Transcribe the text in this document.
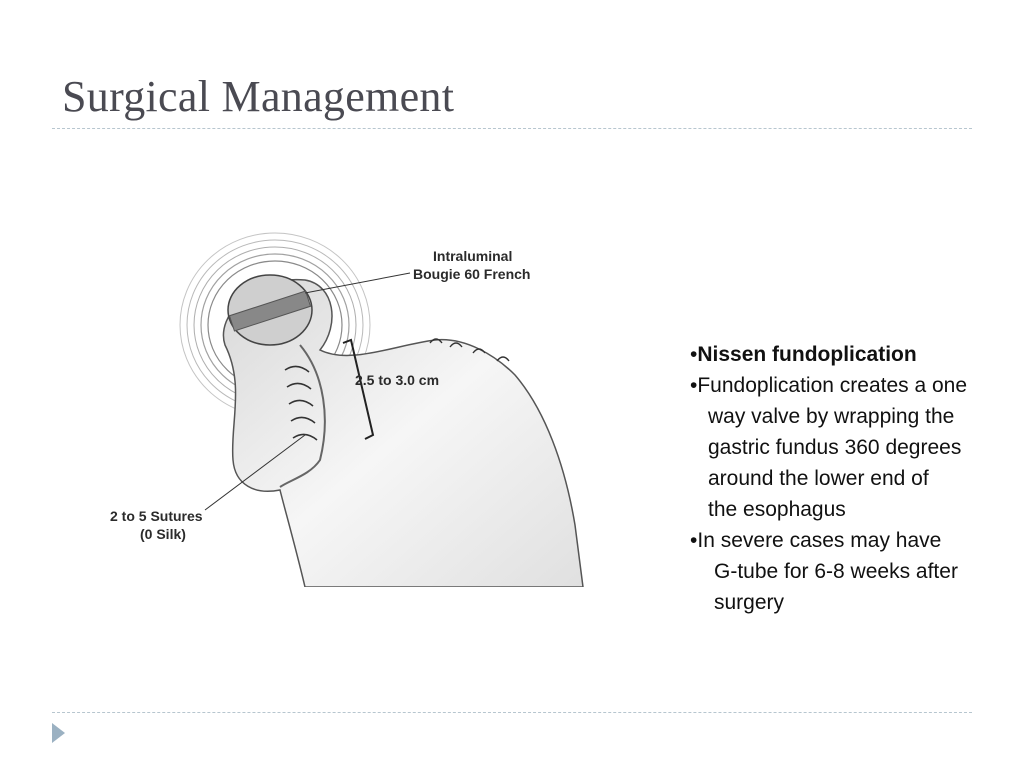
Surgical Management
Intraluminal
Bougie 60 French
2.5 to 3.0 cm
2 to 5 Sutures
(0 Silk)
•Nissen fundoplication
•Fundoplication creates a one
way valve by wrapping the
gastric fundus 360 degrees
around the lower end of
the esophagus
•In severe cases may have
G-tube for 6-8 weeks after
surgery
